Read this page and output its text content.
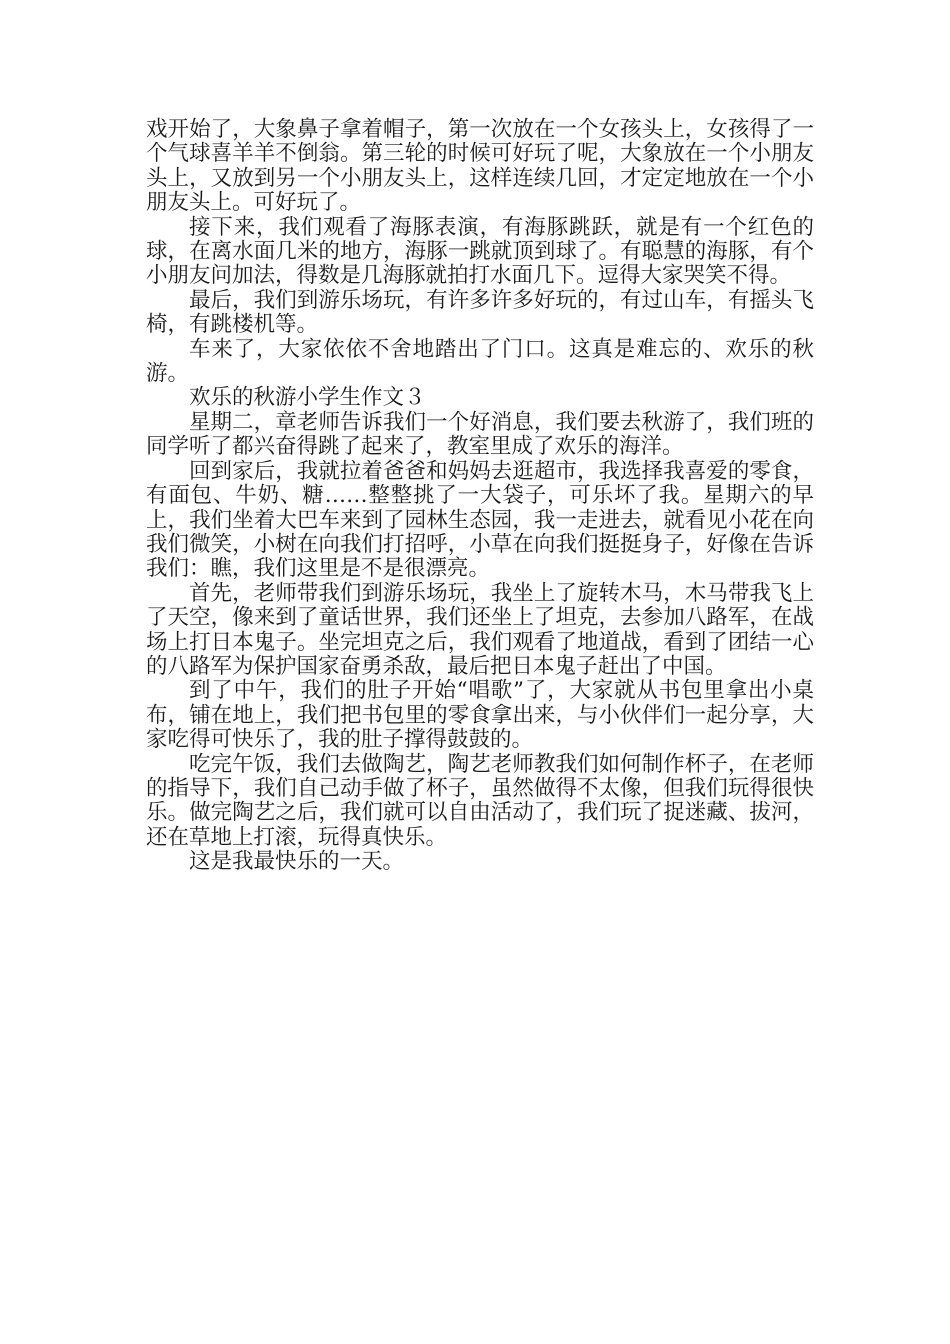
戏开始了，大象鼻子拿着帽子，第一次放在一个女孩头上，女孩得了一个气球喜羊羊不倒翁。第三轮的时候可好玩了呢，大象放在一个小朋友头上，又放到另一个小朋友头上，这样连续几回，才定定地放在一个小朋友头上。可好玩了。

接下来，我们观看了海豚表演，有海豚跳跃，就是有一个红色的球，在离水面几米的地方，海豚一跳就顶到球了。有聪慧的海豚，有个小朋友问加法，得数是几海豚就拍打水面几下。逗得大家哭笑不得。

最后，我们到游乐场玩，有许多许多好玩的，有过山车，有摇头飞椅，有跳楼机等。

车来了，大家依依不舍地踏出了门口。这真是难忘的、欢乐的秋游。

欢乐的秋游小学生作文３

星期二，章老师告诉我们一个好消息，我们要去秋游了，我们班的同学听了都兴奋得跳了起来了，教室里成了欢乐的海洋。

回到家后，我就拉着爸爸和妈妈去逛超市，我选择我喜爱的零食，有面包、牛奶、糖……整整挑了一大袋子，可乐坏了我。星期六的早上，我们坐着大巴车来到了园林生态园，我一走进去，就看见小花在向我们微笑，小树在向我们打招呼，小草在向我们挺挺身子，好像在告诉我们：瞧，我们这里是不是很漂亮。

首先，老师带我们到游乐场玩，我坐上了旋转木马，木马带我飞上了天空，像来到了童话世界，我们还坐上了坦克，去参加八路军，在战场上打日本鬼子。坐完坦克之后，我们观看了地道战，看到了团结一心的八路军为保护国家奋勇杀敌，最后把日本鬼子赶出了中国。

到了中午，我们的肚子开始“唱歌”了，大家就从书包里拿出小桌布，铺在地上，我们把书包里的零食拿出来，与小伙伴们一起分享，大家吃得可快乐了，我的肚子撑得鼓鼓的。

吃完午饭，我们去做陶艺，陶艺老师教我们如何制作杯子，在老师的指导下，我们自己动手做了杯子，虽然做得不太像，但我们玩得很快乐。做完陶艺之后，我们就可以自由活动了，我们玩了捉迷藏、拔河，还在草地上打滚，玩得真快乐。

这是我最快乐的一天。
